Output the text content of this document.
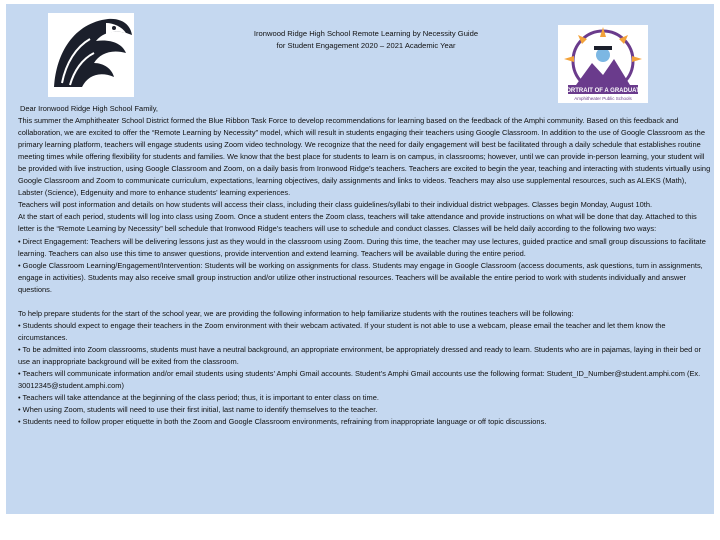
Ironwood Ridge High School Remote Learning by Necessity Guide
for Student Engagement 2020 – 2021 Academic Year
PORTRAIT OF A GRADUATE
Amphitheater Public Schools

Dear Ironwood Ridge High School Family,

This summer the Amphitheater School District formed the Blue Ribbon Task Force to develop recommendations for learning based on the feedback of the Amphi community. Based on this feedback and collaboration, we are excited to offer the “Remote Learning by Necessity” model, which will result in students engaging their teachers using Google Classroom. In addition to the use of Google Classroom as the primary learning platform, teachers will engage students using Zoom video technology. We recognize that the need for daily engagement will best be facilitated through a daily schedule that establishes routine meeting times while offering flexibility for students and families. We know that the best place for students to learn is on campus, in classrooms; however, until we can provide in-person learning, your student will be provided with live instruction, using Google Classroom and Zoom, on a daily basis from Ironwood Ridge’s teachers. Teachers are excited to begin the year, teaching and interacting with students virtually using Google Classroom and Zoom to communicate curriculum, expectations, learning objectives, daily assignments and links to videos. Teachers may also use supplemental resources, such as ALEKS (Math), Labster (Science), Edgenuity and more to enhance students’ learning experiences.

Teachers will post information and details on how students will access their class, including their class guidelines/syllabi to their individual district webpages. Classes begin Monday, August 10th.

At the start of each period, students will log into class using Zoom. Once a student enters the Zoom class, teachers will take attendance and provide instructions on what will be done that day. Attached to this letter is the “Remote Learning by Necessity” bell schedule that Ironwood Ridge’s teachers will use to schedule and conduct classes. Classes will be held daily according to the following two ways:

• Direct Engagement: Teachers will be delivering lessons just as they would in the classroom using Zoom. During this time, the teacher may use lectures, guided practice and small group discussions to facilitate learning. Teachers can also use this time to answer questions, provide intervention and extend learning. Teachers will be available during the entire period.

• Google Classroom Learning/Engagement/Intervention: Students will be working on assignments for class. Students may engage in Google Classroom (access documents, ask questions, turn in assignments, engage in activities). Students may also receive small group instruction and/or utilize other instructional resources. Teachers will be available the entire period to work with students individually and answer questions.

To help prepare students for the start of the school year, we are providing the following information to help familiarize students with the routines teachers will be following:

• Students should expect to engage their teachers in the Zoom environment with their webcam activated. If your student is not able to use a webcam, please email the teacher and let them know the circumstances.

• To be admitted into Zoom classrooms, students must have a neutral background, an appropriate environment, be appropriately dressed and ready to learn. Students who are in pajamas, laying in their bed or use an inappropriate background will be exited from the classroom.

• Teachers will communicate information and/or email students using students’ Amphi Gmail accounts. Student’s Amphi Gmail accounts use the following format: Student_ID_Number@student.amphi.com (Ex. 30012345@student.amphi.com)

• Teachers will take attendance at the beginning of the class period; thus, it is important to enter class on time.

• When using Zoom, students will need to use their first initial, last name to identify themselves to the teacher.

• Students need to follow proper etiquette in both the Zoom and Google Classroom environments, refraining from inappropriate language or off topic discussions.
